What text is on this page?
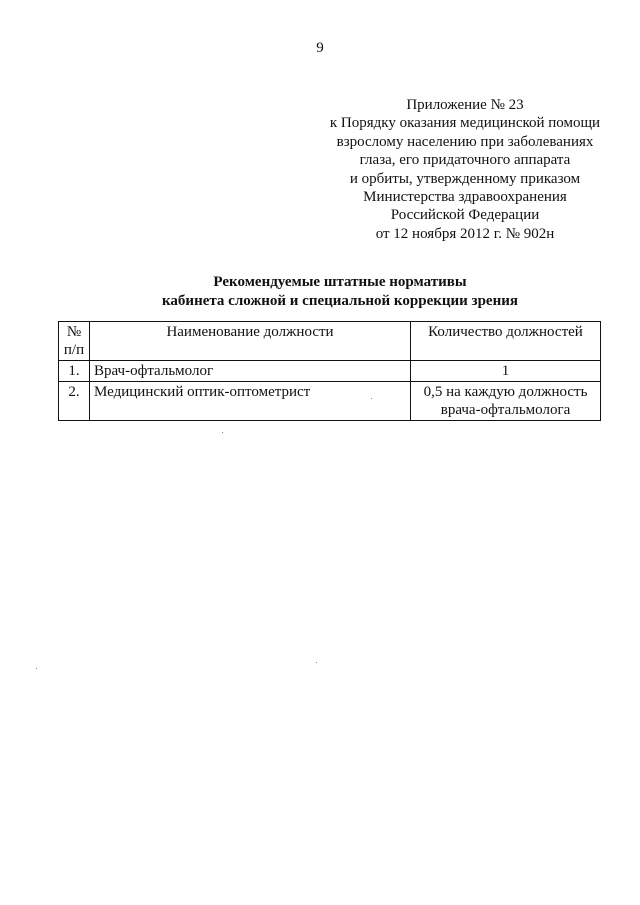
9
Приложение № 23
к Порядку оказания медицинской помощи
взрослому населению при заболеваниях
глаза, его придаточного аппарата
и орбиты, утвержденному приказом
Министерства здравоохранения
Российской Федерации
от 12 ноября 2012 г. № 902н
Рекомендуемые штатные нормативы
кабинета сложной и специальной коррекции зрения
№
п/п	Наименование должности	Количество должностей
1.	Врач-офтальмолог	1

2.	Медицинский оптик-оптометрист	0,5 на каждую должность
врача-офтальмолога
